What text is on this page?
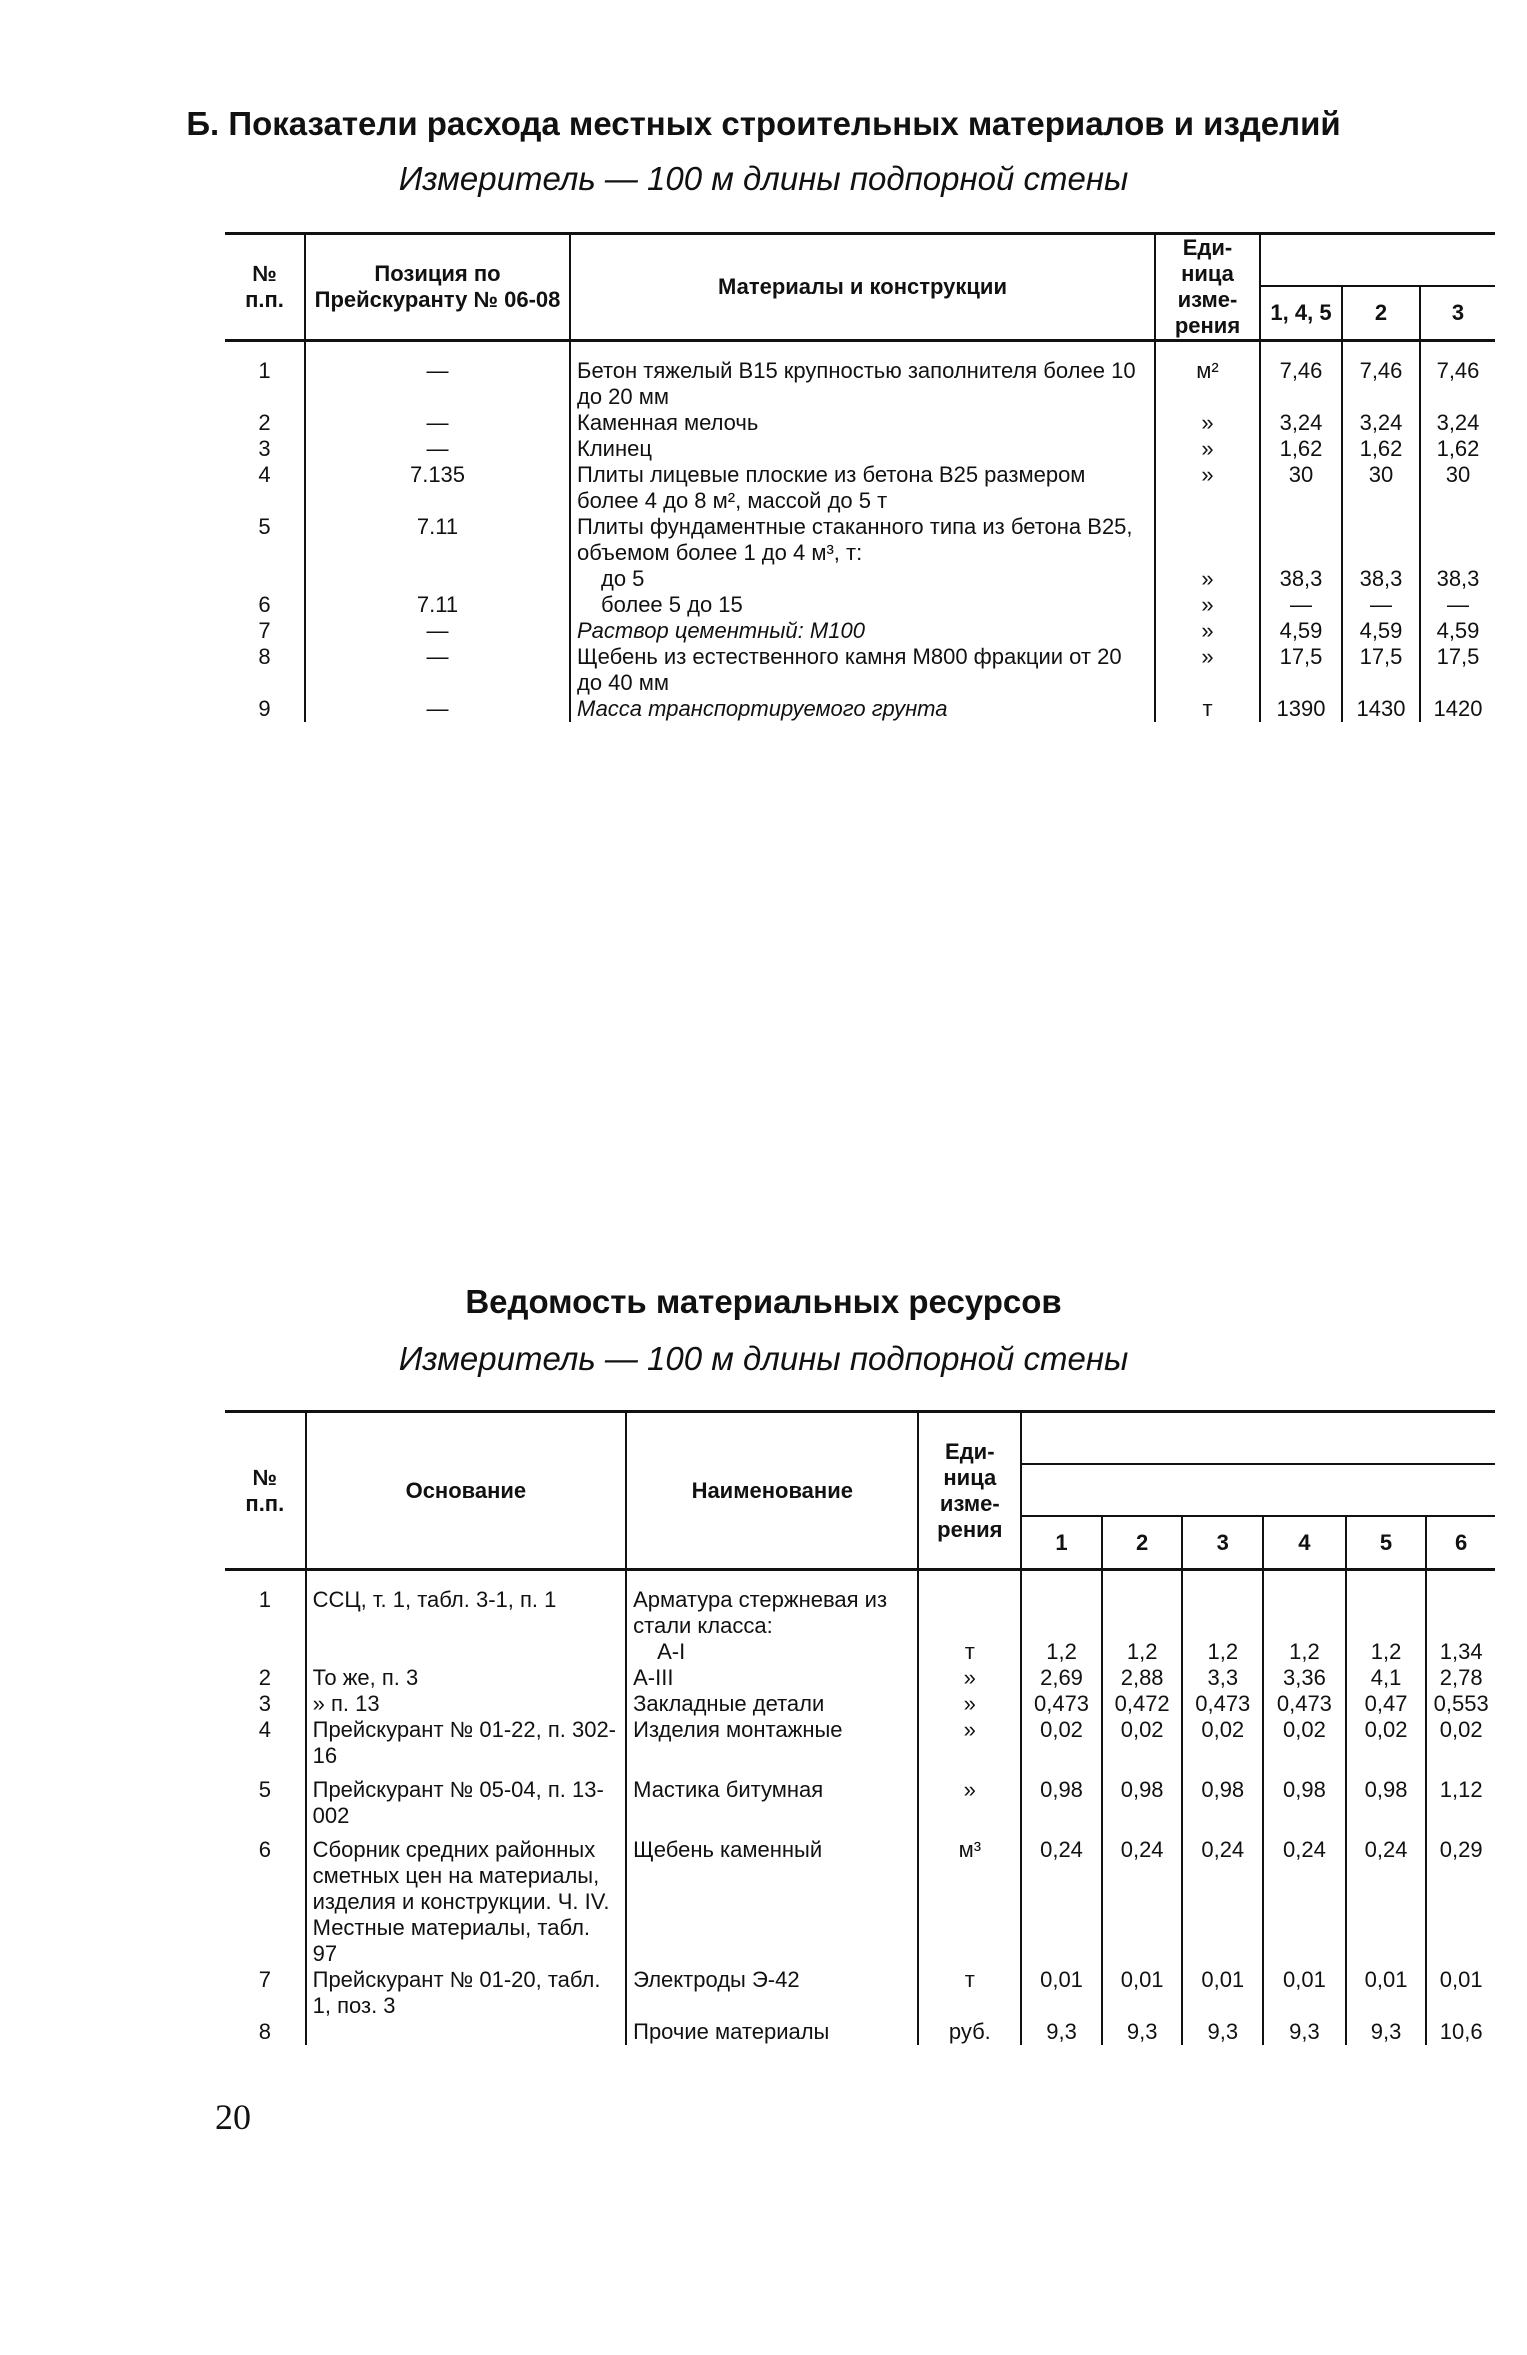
Б. Показатели расхода местных строительных материалов и изделий
Измеритель — 100 м длины подпорной стены
№ п.п.	Позиция по Прейскуранту № 06-08	Материалы и конструкции	Еди-ница изме-рения			
				1, 4, 5	2	3
1	—	Бетон тяжелый В15 крупностью заполнителя более 10 до 20 мм	м²	7,46	7,46	7,46
2	—	Каменная мелочь	»	3,24	3,24	3,24
3	—	Клинец	»	1,62	1,62	1,62
4	7.135	Плиты лицевые плоские из бетона В25 размером более 4 до 8 м², массой до 5 т	»	30	30	30
5	7.11	Плиты фундаментные стаканного типа из бетона В25, объемом более 1 до 4 м³, т:				
		до 5	»	38,3	38,3	38,3
6	7.11	более 5 до 15	»	—	—	—
7	—	Раствор цементный: М100	»	4,59	4,59	4,59
8	—	Щебень из естественного камня М800 фракции от 20 до 40 мм	»	17,5	17,5	17,5
9	—	Масса транспортируемого грунта	т	1390	1430	1420
Ведомость материальных ресурсов
Измеритель — 100 м длины подпорной стены
№ п.п.	Основание	Наименование	Еди-ница изме-рения						

				1	2	3	4	5	6
1	ССЦ, т. 1, табл. 3-1, п. 1	Арматура стержневая из стали класса:							
		А-I	т	1,2	1,2	1,2	1,2	1,2	1,34
2	То же, п. 3	А-III	»	2,69	2,88	3,3	3,36	4,1	2,78
3	» п. 13	Закладные детали	»	0,473	0,472	0,473	0,473	0,47	0,553
4	Прейскурант № 01-22, п. 302-16	Изделия монтажные	»	0,02	0,02	0,02	0,02	0,02	0,02
5	Прейскурант № 05-04, п. 13-002	Мастика битумная	»	0,98	0,98	0,98	0,98	0,98	1,12
6	Сборник средних районных сметных цен на материалы, изделия и конструкции. Ч. IV. Местные материалы, табл. 97	Щебень каменный	м³	0,24	0,24	0,24	0,24	0,24	0,29
7	Прейскурант № 01-20, табл. 1, поз. 3	Электроды Э-42	т	0,01	0,01	0,01	0,01	0,01	0,01
8		Прочие материалы	руб.	9,3	9,3	9,3	9,3	9,3	10,6
20
